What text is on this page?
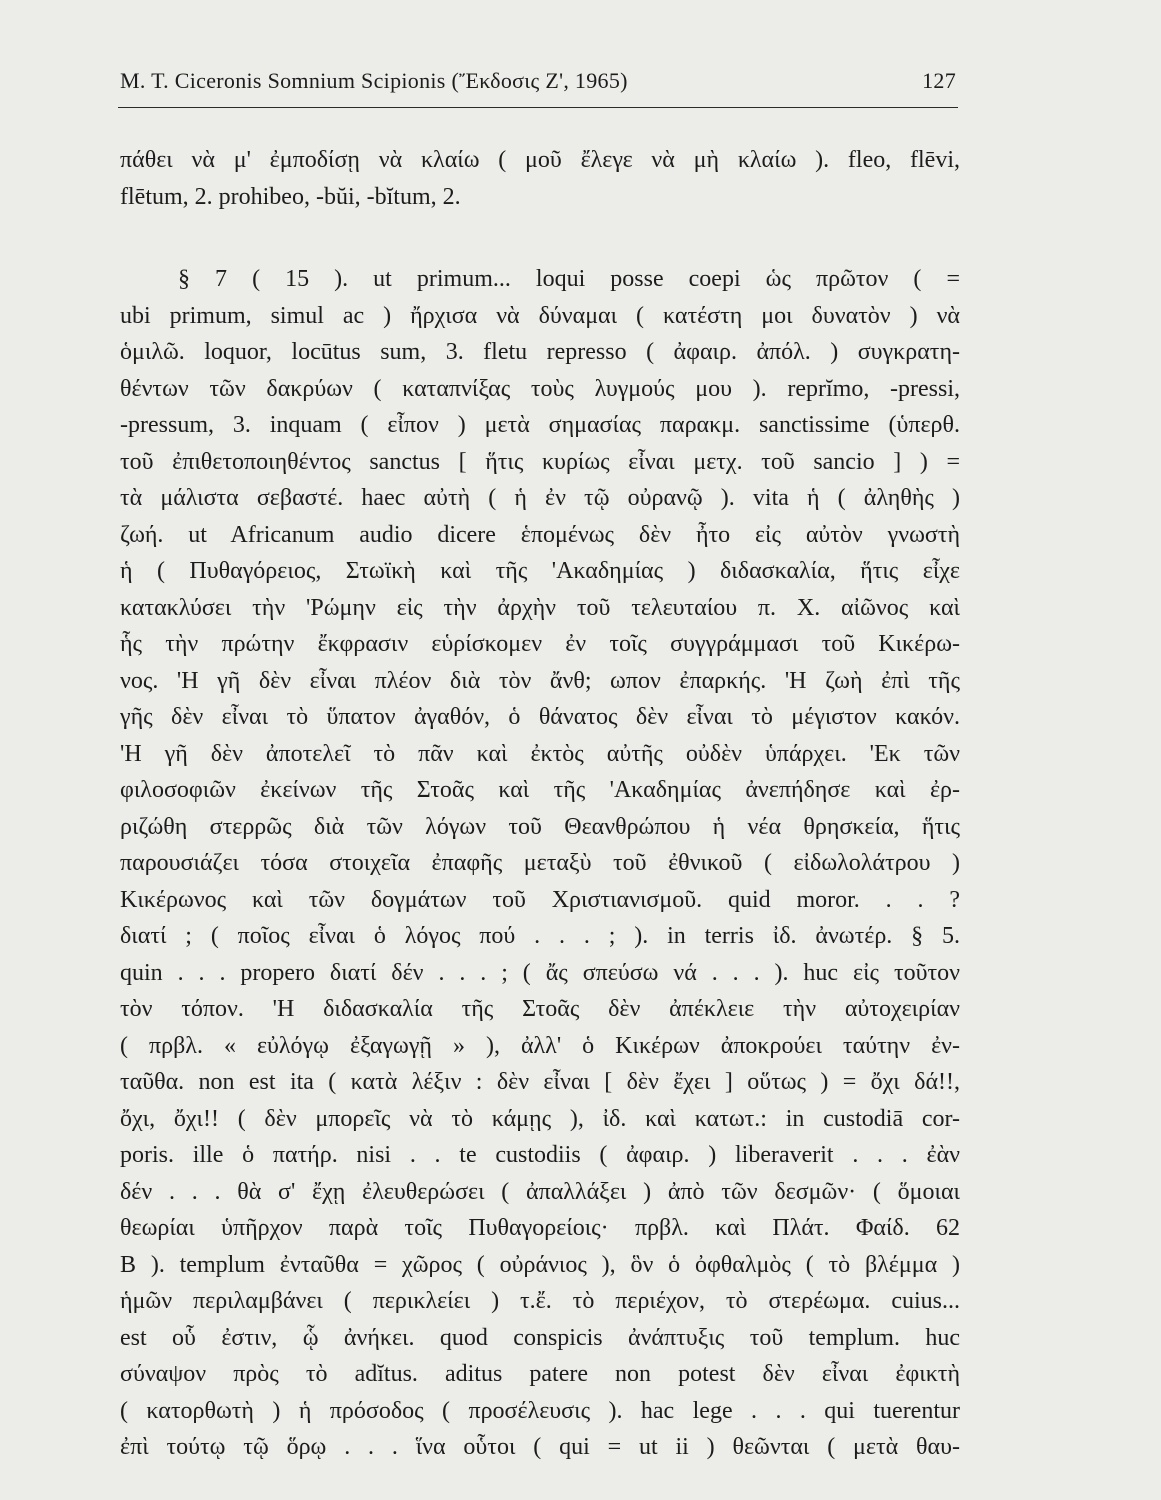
M. T. Ciceronis Somnium Scipionis (Ἔκδοσις Ζ', 1965)	127
πάθει νὰ μ' ἐμποδίσῃ νὰ κλαίω ( μοῦ ἔλεγε νὰ μὴ κλαίω ). fleo, flēvi,
flētum, 2. prohibeo, -bŭi, -bĭtum, 2.
§ 7 ( 15 ). ut primum... loqui posse coepi ὡς πρῶτον ( =
ubi primum, simul ac ) ἤρχισα νὰ δύναμαι ( κατέστη μοι δυνατὸν ) νὰ
ὁμιλῶ. loquor, locūtus sum, 3. fletu represso ( ἀφαιρ. ἀπόλ. ) συγκρατη-
θέντων τῶν δακρύων ( καταπνίξας τοὺς λυγμούς μου ). reprĭmo, -pressi,
-pressum, 3. inquam ( εἶπον ) μετὰ σημασίας παρακμ. sanctissime (ὑπερθ.
τοῦ ἐπιθετοποιηθέντος sanctus [ ἥτις κυρίως εἶναι μετχ. τοῦ sancio ] ) =
τὰ μάλιστα σεβαστέ. haec αὐτὴ ( ἡ ἐν τῷ οὐρανῷ ). vita ἡ ( ἀληθὴς )
ζωή. ut Africanum audio dicere ἑπομένως δὲν ἦτο εἰς αὐτὸν γνωστὴ
ἡ ( Πυθαγόρειος, Στωϊκὴ καὶ τῆς 'Ακαδημίας ) διδασκαλία, ἥτις εἶχε
κατακλύσει τὴν 'Ρώμην εἰς τὴν ἀρχὴν τοῦ τελευταίου π. Χ. αἰῶνος καὶ
ἧς τὴν πρώτην ἔκφρασιν εὑρίσκομεν ἐν τοῖς συγγράμμασι τοῦ Κικέρω-
νος. 'Η γῆ δὲν εἶναι πλέον διὰ τὸν ἄνθ; ωπον ἐπαρκής. 'Η ζωὴ ἐπὶ τῆς
γῆς δὲν εἶναι τὸ ὕπατον ἀγαθόν, ὁ θάνατος δὲν εἶναι τὸ μέγιστον κακόν.
'Η γῆ δὲν ἀποτελεῖ τὸ πᾶν καὶ ἐκτὸς αὐτῆς οὐδὲν ὑπάρχει. 'Εκ τῶν
φιλοσοφιῶν ἐκείνων τῆς Στοᾶς καὶ τῆς 'Ακαδημίας ἀνεπήδησε καὶ ἐρ-
ριζώθη στερρῶς διὰ τῶν λόγων τοῦ Θεανθρώπου ἡ νέα θρησκεία, ἥτις
παρουσιάζει τόσα στοιχεῖα ἐπαφῆς μεταξὺ τοῦ ἐθνικοῦ ( εἰδωλολάτρου )
Κικέρωνος καὶ τῶν δογμάτων τοῦ Χριστιανισμοῦ. quid moror. . . ?
διατί ; ( ποῖος εἶναι ὁ λόγος πού . . . ; ). in terris ἰδ. ἀνωτέρ. § 5.
quin . . . propero διατί δέν . . . ; ( ἄς σπεύσω νά . . . ). huc εἰς τοῦτον
τὸν τόπον. 'Η διδασκαλία τῆς Στοᾶς δὲν ἀπέκλειε τὴν αὐτοχειρίαν
( πρβλ. « εὐλόγῳ ἐξαγωγῇ » ), ἀλλ' ὁ Κικέρων ἀποκρούει ταύτην ἐν-
ταῦθα. non est ita ( κατὰ λέξιν : δὲν εἶναι [ δὲν ἔχει ] οὕτως ) = ὄχι δά!!,
ὄχι, ὄχι!! ( δὲν μπορεῖς νὰ τὸ κάμῃς ), ἰδ. καὶ κατωτ.: in custodiā cor-
poris. ille ὁ πατήρ. nisi . . te custodiis ( ἀφαιρ. ) liberaverit . . . ἐὰν
δέν . . . θὰ σ' ἔχῃ ἐλευθερώσει ( ἀπαλλάξει ) ἀπὸ τῶν δεσμῶν· ( ὅμοιαι
θεωρίαι ὑπῆρχον παρὰ τοῖς Πυθαγορείοις· πρβλ. καὶ Πλάτ. Φαίδ. 62
B ). templum ἐνταῦθα = χῶρος ( οὐράνιος ), ὃν ὁ ὀφθαλμὸς ( τὸ βλέμμα )
ἡμῶν περιλαμβάνει ( περικλείει ) τ.ἔ. τὸ περιέχον, τὸ στερέωμα. cuius...
est οὗ ἐστιν, ᾧ ἀνήκει. quod conspicis ἀνάπτυξις τοῦ templum. huc
σύναψον πρὸς τὸ adĭtus. aditus patere non potest δὲν εἶναι ἐφικτὴ
( κατορθωτὴ ) ἡ πρόσοδος ( προσέλευσις ). hac lege . . . qui tuerentur
ἐπὶ τούτῳ τῷ ὅρῳ . . . ἵνα οὗτοι ( qui = ut ii ) θεῶνται ( μετὰ θαυ-
